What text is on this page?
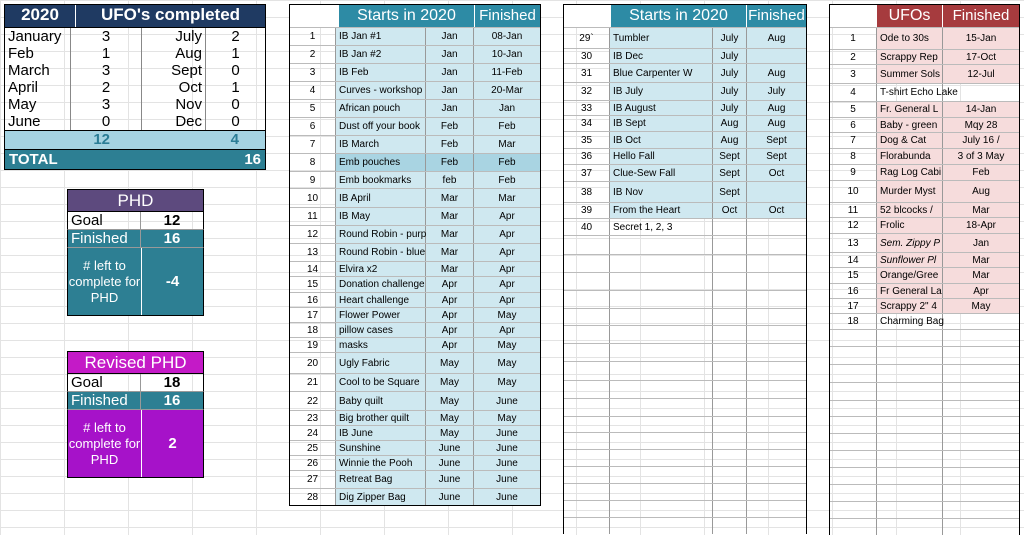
2020	UFO's completed
January	3	July	2
Feb	1	Aug	1
March	3	Sept	0
April	2	Oct	1
May	3	Nov	0
June	0	Dec	0
12	4
TOTAL	16
PHD
Goal	12
Finished	16
# left to complete for PHD
-4
Revised PHD
Goal	18
Finished	16
# left to complete for PHD
2
Starts in 2020	Finished
1	IB Jan #1	Jan	08-Jan
2	IB Jan #2	Jan	10-Jan
3	IB Feb	Jan	11-Feb
4	Curves - workshop	Jan	20-Mar
5	African pouch	Jan	Jan
6	Dust off your book	Feb	Feb
7	IB March	Feb	Mar
8	Emb pouches	Feb	Feb
9	Emb bookmarks	feb	Feb
10	IB April	Mar	Mar
11	IB May	Mar	Apr
12	Round Robin - purp	Mar	Apr
13	Round Robin - blue	Mar	Apr
14	Elvira x2	Mar	Apr
15	Donation challenge	Apr	Apr
16	Heart challenge	Apr	Apr
17	Flower Power	Apr	May
18	pillow cases	Apr	Apr
19	masks	Apr	May
20	Ugly Fabric	May	May
21	Cool to be Square	May	May
22	Baby quilt	May	June
23	Big brother quilt	May	May
24	IB June	May	June
25	Sunshine	June	June
26	Winnie the Pooh	June	June
27	Retreat Bag	June	June
28	Dig Zipper Bag	June	June
Starts in 2020	Finished
29`	Tumbler	July	Aug
30	IB Dec	July
31	Blue Carpenter W	July	Aug
32	IB July	July	July
33	IB August	July	Aug
34	IB Sept	Aug	Aug
35	IB Oct	Aug	Sept
36	Hello Fall	Sept	Sept
37	Clue-Sew Fall	Sept	Oct
38	IB Nov	Sept
39	From the Heart	Oct	Oct
40	Secret 1, 2, 3
UFOs	Finished
1	Ode to 30s	15-Jan
2	Scrappy Rep	17-Oct
3	Summer Sols	12-Jul
4	T-shirt Echo Lake
5	Fr. General L	14-Jan
6	Baby - green	Mqy 28
7	Dog & Cat	July 16 /
8	Florabunda	3 of 3 May
9	Rag Log Cabi	Feb
10	Murder Myst	Aug
11	52 blcocks /	Mar
12	Frolic	18-Apr
13	Sem. Zippy P	Jan
14	Sunflower Pl	Mar
15	Orange/Gree	Mar
16	Fr General La	Apr
17	Scrappy 2" 4	May
18	Charming Bag
